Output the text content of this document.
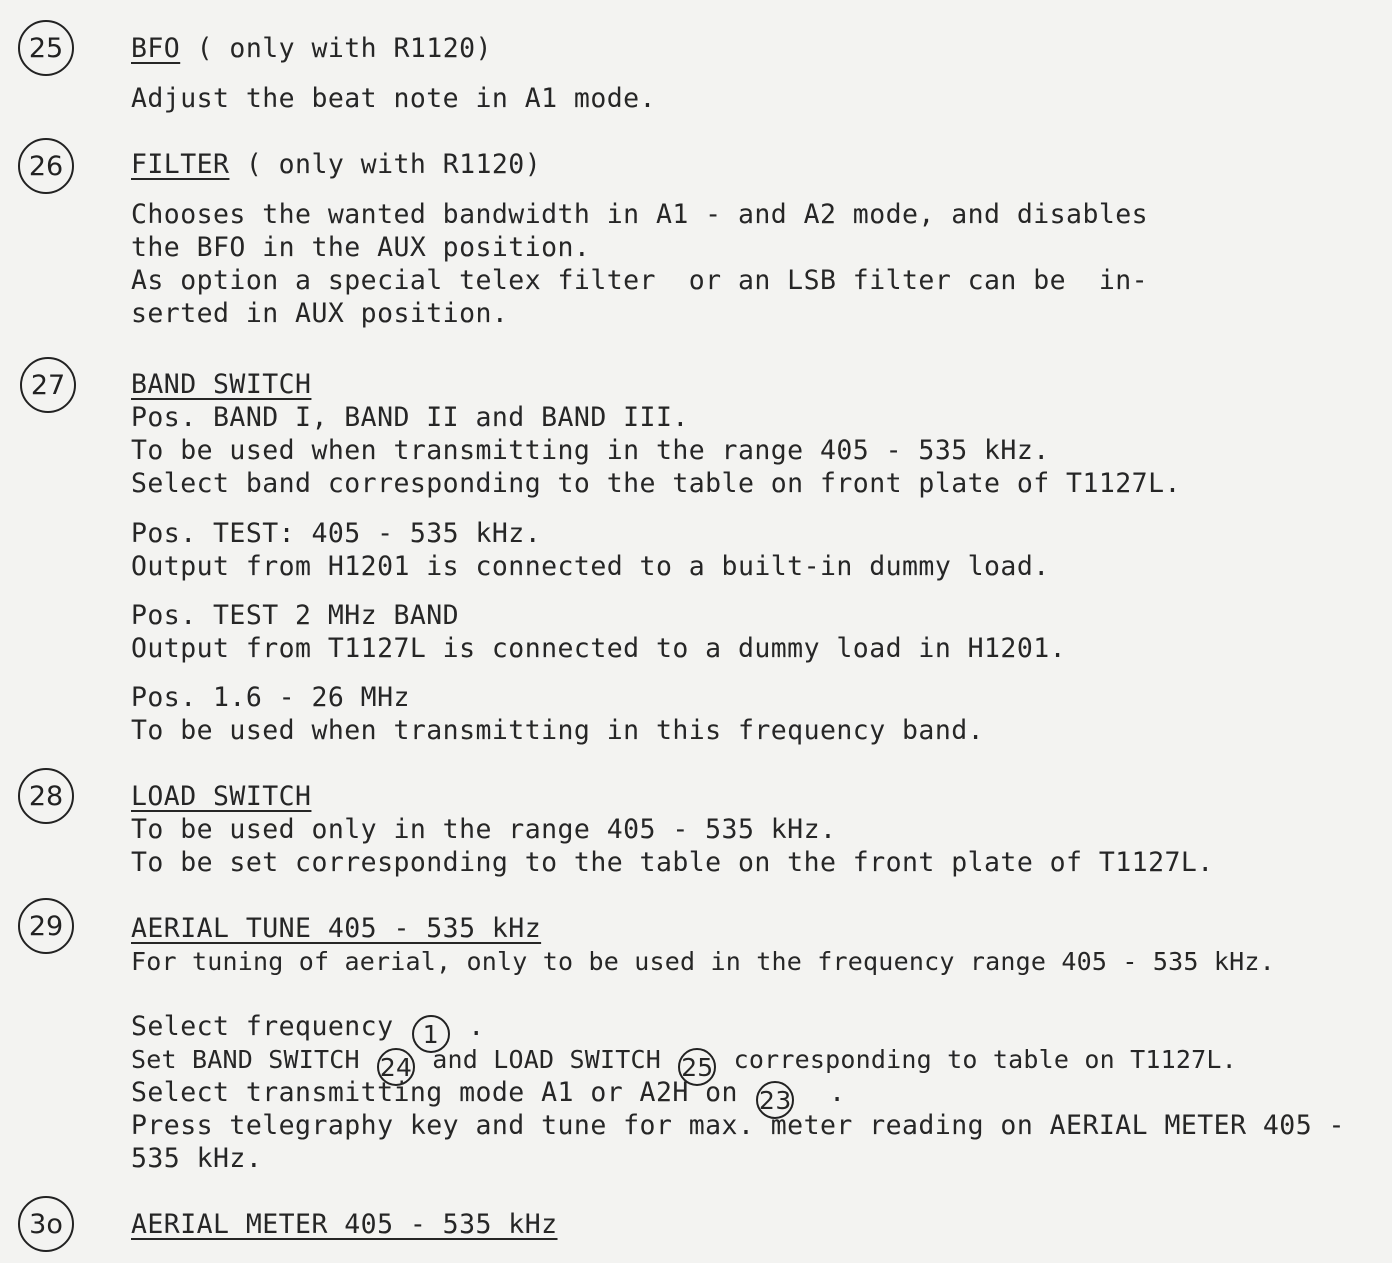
25	BFO ( only with R1120)
Adjust the beat note in A1 mode.
26	FILTER ( only with R1120)
Chooses the wanted bandwidth in A1 - and A2 mode, and disables
the BFO in the AUX position.
As option a special telex filter  or an LSB filter can be  in-
serted in AUX position.
27	BAND SWITCH
Pos. BAND I, BAND II and BAND III.
To be used when transmitting in the range 405 - 535 kHz.
Select band corresponding to the table on front plate of T1127L.
Pos. TEST: 405 - 535 kHz.
Output from H1201 is connected to a built-in dummy load.
Pos. TEST 2 MHz BAND
Output from T1127L is connected to a dummy load in H1201.
Pos. 1.6 - 26 MHz
To be used when transmitting in this frequency band.
28	LOAD SWITCH
To be used only in the range 405 - 535 kHz.
To be set corresponding to the table on the front plate of T1127L.
29	AERIAL TUNE 405 - 535 kHz
For tuning of aerial, only to be used in the frequency range 405 - 535 kHz.
Select frequency 1 .
Set BAND SWITCH 24 and LOAD SWITCH 25 corresponding to table on T1127L.
Select transmitting mode A1 or A2H on 23  .
Press telegraphy key and tune for max. meter reading on AERIAL METER 405 -
535 kHz.
3o	AERIAL METER 405 - 535 kHz
